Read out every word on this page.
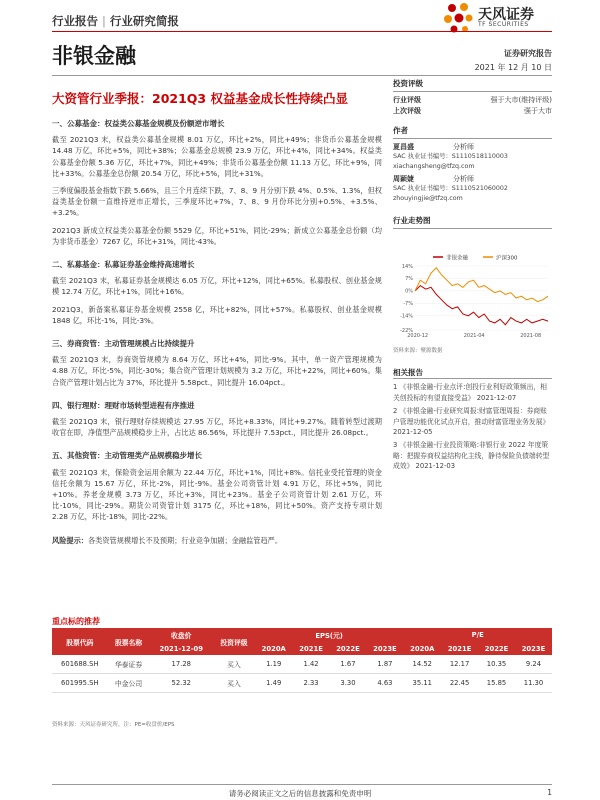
行业报告 | 行业研究简报	天风证券
TF SECURITIES
非银金融	证券研究报告
2021 年 12 月 10 日
大资管行业季报：2021Q3 权益基金成长性持续凸显
一、公募基金：权益类公募基金规模及份额逆市增长

截至 2021Q3 末，权益类公募基金规模 8.01 万亿，环比+2%，同比+49%；非货币公募基金规模 14.48 万亿，环比+5%，同比+38%；公募基金总规模 23.9 万亿，环比+4%，同比+34%。权益类公募基金份额 5.36 万亿，环比+7%，同比+49%；非货币公募基金份额 11.13 万亿，环比+9%，同比+33%。公募基金总份额 20.54 万亿，环比+5%，同比+31%。

三季度偏股基金指数下跌 5.66%，且三个月连续下跌，7、8、9 月分别下跌 4%、0.5%、1.3%，但权益类基金份额一直维持逆市正增长，三季度环比+7%，7、8、9 月份环比分别+0.5%、+3.5%、+3.2%。

2021Q3 新成立权益类公募基金份额 5529 亿，环比+51%，同比-29%；新成立公募基金总份额（均为非货币基金）7267 亿，环比+31%，同比-43%。

二、私募基金：私募证券基金维持高速增长

截至 2021Q3 末，私募证券基金规模达 6.05 万亿，环比+12%，同比+65%。私募股权、创业基金规模 12.74 万亿，环比+1%，同比+16%。

2021Q3，新备案私募证券基金规模 2558 亿，环比+82%，同比+57%。私募股权、创业基金规模 1848 亿，环比-1%，同比-3%。

三、券商资管：主动管理规模占比持续提升

截至 2021Q3 末，券商资管规模为 8.64 万亿，环比+4%，同比-9%。其中，单一资产管理规模为 4.88 万亿，环比-5%，同比-30%；集合资产管理计划规模为 3.2 万亿，环比+22%，同比+60%。集合资产管理计划占比为 37%，环比提升 5.58pct.，同比提升 16.04pct.。

四、银行理财：理财市场转型进程有序推进

截至 2021Q3 末，银行理财存续规模达 27.95 万亿，环比+8.33%，同比+9.27%。随着转型过渡期收官在即，净值型产品规模稳步上升，占比达 86.56%，环比提升 7.53pct.，同比提升 26.08pct.。

五、其他资管：主动管理类产品规模稳步增长

截至 2021Q3 末，保险资金运用余额为 22.44 万亿，环比+1%，同比+8%。信托业受托管理的资金信托余额为 15.67 万亿，环比-2%，同比-9%。基金公司资管计划 4.91 万亿，环比+5%，同比+10%。养老金规模 3.73 万亿，环比+3%，同比+23%。基金子公司资管计划 2.61 万亿，环比-10%，同比-29%。期货公司资管计划 3175 亿，环比+18%，同比+50%。资产支持专项计划 2.28 万亿，环比-18%，同比-22%。

风险提示：各类资管规模增长不及预期；行业竞争加剧；金融监管趋严。

投资评级
行业评级	强于大市(维持评级)
上次评级	强于大市
作者
夏昌盛	分析师
SAC 执业证书编号：S1110518110003
xiachangsheng@tfzq.com
周颖婕	分析师
SAC 执业证书编号：S1110521060002
zhouyingjie@tfzq.com
行业走势图
非银金融	沪深300
14%
7%
0%
-7%
-14%
-22%
2020-12	2021-04	2021-08
资料来源：聚源数据
相关报告
1 《非银金融-行业点评:创投行业利好政策频出，相关创投标的有望直接受益》 2021-12-07
2 《非银金融-行业研究周报:财富管理周报：券商账户管理功能优化试点开启，推动财富管理业务发展》 2021-12-05
3 《非银金融-行业投资策略:非银行业 2022 年度策略：把握券商权益结构化主线，静待保险负债端转型成效》 2021-12-03
重点标的推荐
股票代码	股票名称	收盘价	投资评级	EPS(元)				P/E			
		2021-12-09		2020A	2021E	2022E	2023E	2020A	2021E	2022E	2023E
601688.SH	华泰证券	17.28	买入	1.19	1.42	1.67	1.87	14.52	12.17	10.35	9.24
601995.SH	中金公司	52.32	买入	1.49	2.33	3.30	4.63	35.11	22.45	15.85	11.30
资料来源：天风证券研究所，注：PE=收盘价/EPS
请务必阅读正文之后的信息披露和免责申明	1
